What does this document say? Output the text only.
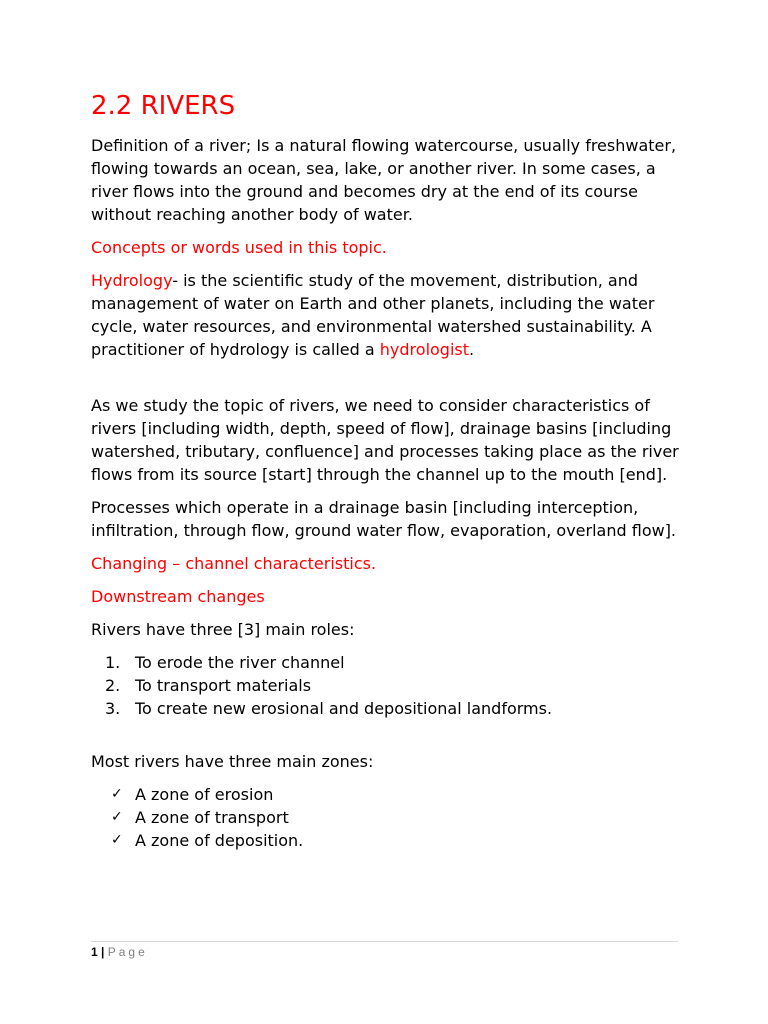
2.2 RIVERS

Definition of a river; Is a natural flowing watercourse, usually freshwater, flowing towards an ocean, sea, lake, or another river. In some cases, a river flows into the ground and becomes dry at the end of its course without reaching another body of water.

Concepts or words used in this topic.

Hydrology- is the scientific study of the movement, distribution, and management of water on Earth and other planets, including the water cycle, water resources, and environmental watershed sustainability. A practitioner of hydrology is called a hydrologist.

As we study the topic of rivers, we need to consider characteristics of rivers [including width, depth, speed of flow], drainage basins [including watershed, tributary, confluence] and processes taking place as the river flows from its source [start] through the channel up to the mouth [end].

Processes which operate in a drainage basin [including interception, infiltration, through flow, ground water flow, evaporation, overland flow].

Changing – channel characteristics.

Downstream changes

Rivers have three [3] main roles:

1. To erode the river channel
2. To transport materials
3. To create new erosional and depositional landforms.

Most rivers have three main zones:

✓ A zone of erosion
✓ A zone of transport
✓ A zone of deposition.
1 | Page
